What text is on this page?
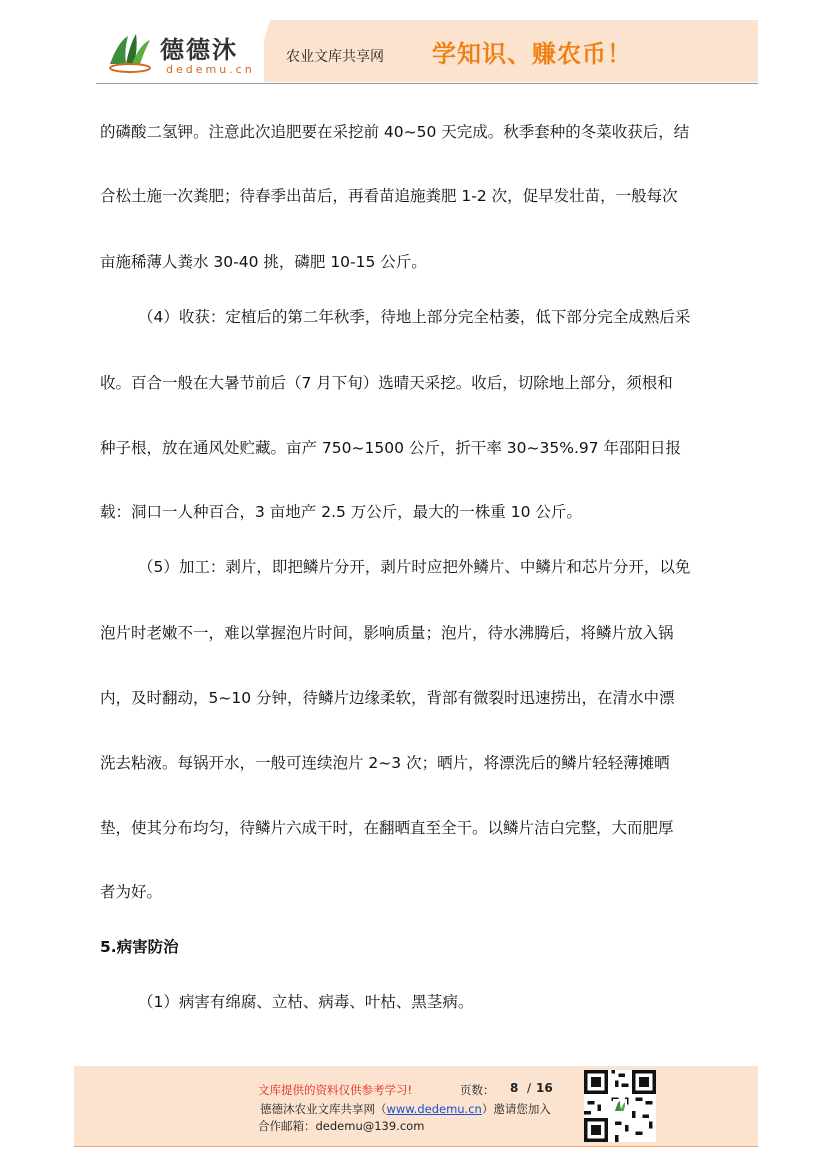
德德沐
dedemu.cn
农业文库共享网 学知识、赚农币！
的磷酸二氢钾。注意此次追肥要在采挖前 40~50 天完成。秋季套种的冬菜收获后，结
合松土施一次粪肥；待春季出苗后，再看苗追施粪肥 1-2 次，促早发壮苗，一般每次
亩施稀薄人粪水 30-40 挑，磷肥 10-15 公斤。
（4）收获：定植后的第二年秋季，待地上部分完全枯萎，低下部分完全成熟后采
收。百合一般在大暑节前后（7 月下旬）选晴天采挖。收后，切除地上部分，须根和
种子根，放在通风处贮藏。亩产 750~1500 公斤，折干率 30~35%.97 年邵阳日报
载：洞口一人种百合，3 亩地产 2.5 万公斤，最大的一株重 10 公斤。
（5）加工：剥片，即把鳞片分开，剥片时应把外鳞片、中鳞片和芯片分开，以免
泡片时老嫩不一，难以掌握泡片时间，影响质量；泡片，待水沸腾后，将鳞片放入锅
内，及时翻动，5~10 分钟，待鳞片边缘柔软，背部有微裂时迅速捞出，在清水中漂
洗去粘液。每锅开水，一般可连续泡片 2~3 次；晒片，将漂洗后的鳞片轻轻薄摊晒
垫，使其分布均匀，待鳞片六成干时，在翻晒直至全干。以鳞片洁白完整，大而肥厚
者为好。
5.病害防治
（1）病害有绵腐、立枯、病毒、叶枯、黑茎病。
文库提供的资料仅供参考学习!	页数： 8 / 16
德德沐农业文库共享网（www.dedemu.cn）邀请您加入
合作邮箱：dedemu@139.com
